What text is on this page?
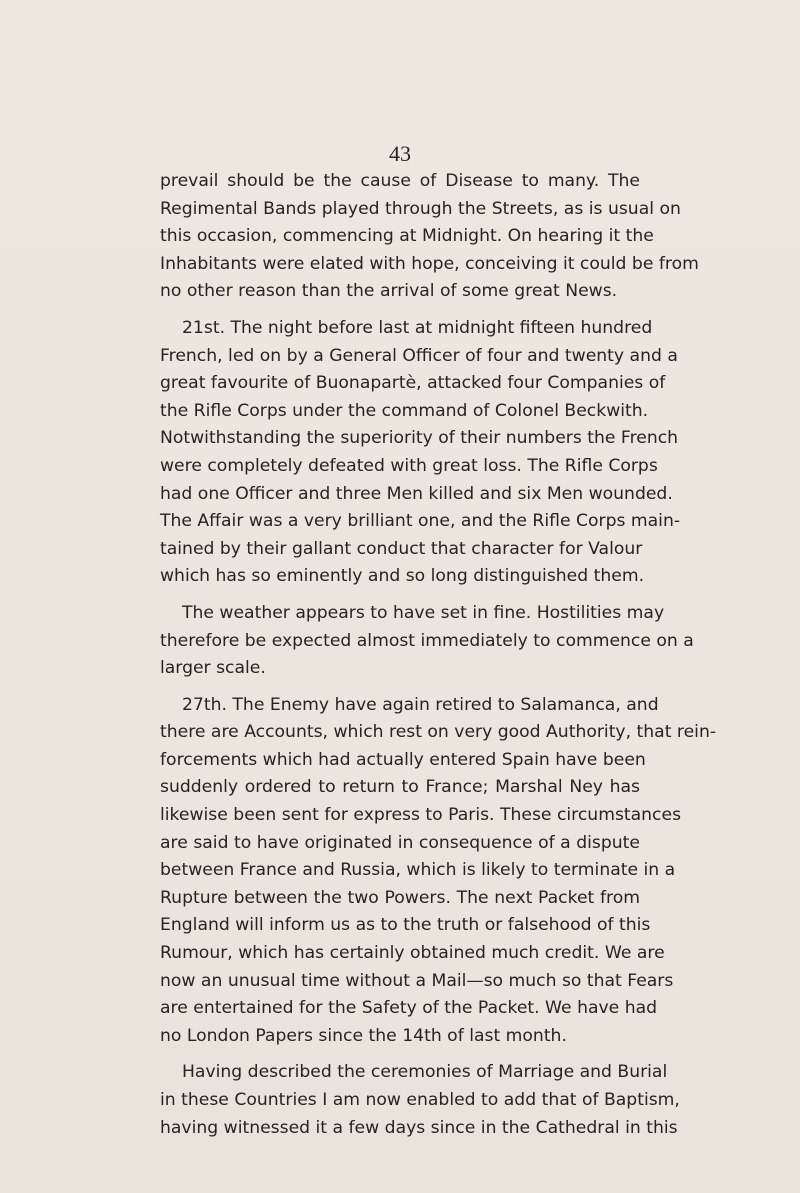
43

prevail should be the cause of Disease to many. The
Regimental Bands played through the Streets, as is usual on
this occasion, commencing at Midnight. On hearing it the
Inhabitants were elated with hope, conceiving it could be from
no other reason than the arrival of some great News.

21st. The night before last at midnight fifteen hundred
French, led on by a General Officer of four and twenty and a
great favourite of Buonapartè, attacked four Companies of
the Rifle Corps under the command of Colonel Beckwith.
Notwithstanding the superiority of their numbers the French
were completely defeated with great loss. The Rifle Corps
had one Officer and three Men killed and six Men wounded.
The Affair was a very brilliant one, and the Rifle Corps main-
tained by their gallant conduct that character for Valour
which has so eminently and so long distinguished them.

The weather appears to have set in fine. Hostilities may
therefore be expected almost immediately to commence on a
larger scale.

27th. The Enemy have again retired to Salamanca, and
there are Accounts, which rest on very good Authority, that rein-
forcements which had actually entered Spain have been
suddenly ordered to return to France; Marshal Ney has
likewise been sent for express to Paris. These circumstances
are said to have originated in consequence of a dispute
between France and Russia, which is likely to terminate in a
Rupture between the two Powers. The next Packet from
England will inform us as to the truth or falsehood of this
Rumour, which has certainly obtained much credit. We are
now an unusual time without a Mail—so much so that Fears
are entertained for the Safety of the Packet. We have had
no London Papers since the 14th of last month.

Having described the ceremonies of Marriage and Burial
in these Countries I am now enabled to add that of Baptism,
having witnessed it a few days since in the Cathedral in this
